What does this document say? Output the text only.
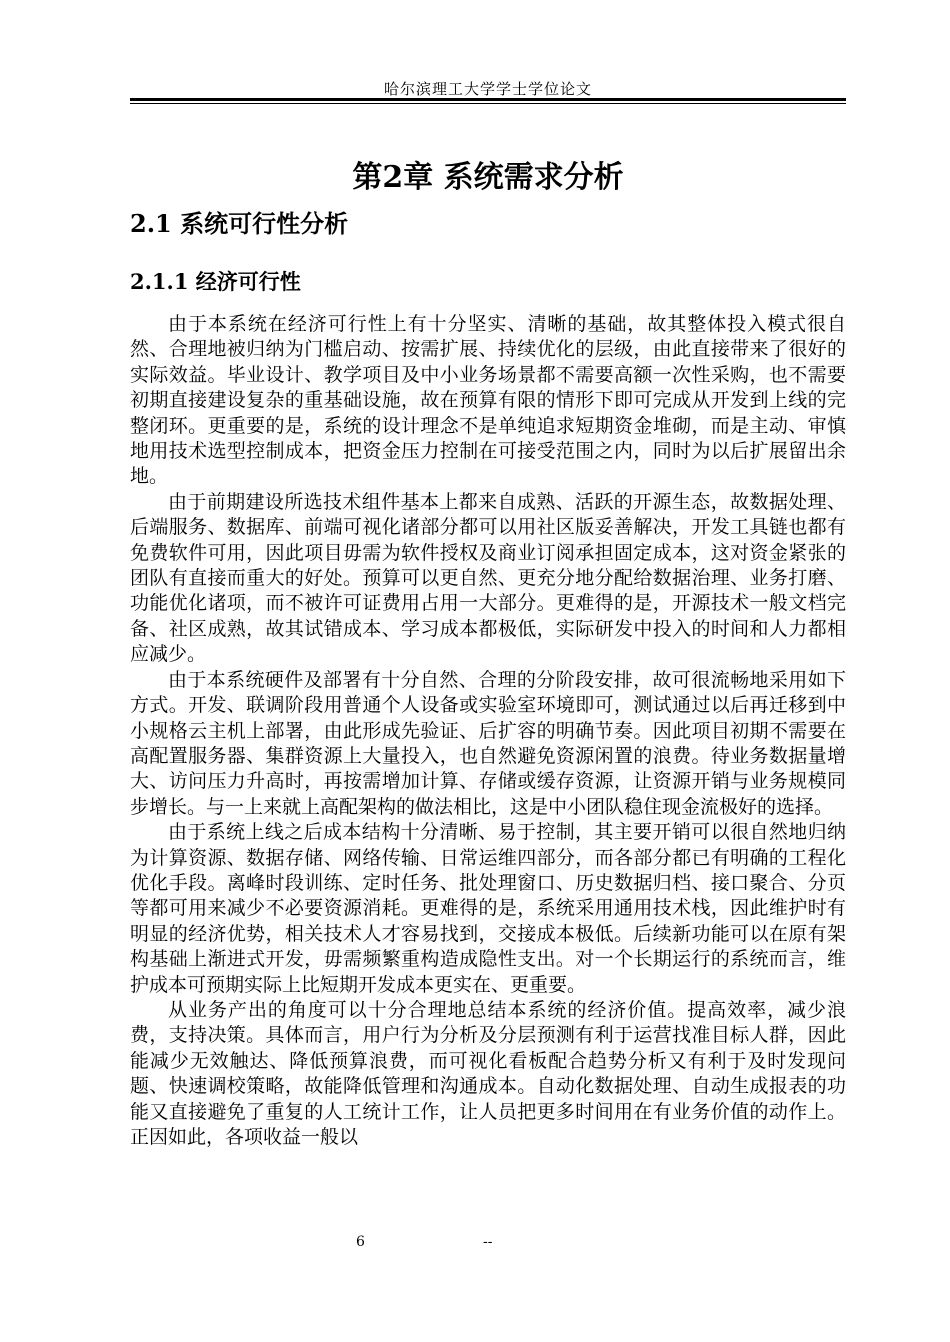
哈尔滨理工大学学士学位论文
第2章 系统需求分析
2.1 系统可行性分析
2.1.1 经济可行性

由于本系统在经济可行性上有十分坚实、清晰的基础，故其整体投入模式很自然、合理地被归纳为门槛启动、按需扩展、持续优化的层级，由此直接带来了很好的实际效益。毕业设计、教学项目及中小业务场景都不需要高额一次性采购，也不需要初期直接建设复杂的重基础设施，故在预算有限的情形下即可完成从开发到上线的完整闭环。更重要的是，系统的设计理念不是单纯追求短期资金堆砌，而是主动、审慎地用技术选型控制成本，把资金压力控制在可接受范围之内，同时为以后扩展留出余地。

由于前期建设所选技术组件基本上都来自成熟、活跃的开源生态，故数据处理、后端服务、数据库、前端可视化诸部分都可以用社区版妥善解决，开发工具链也都有免费软件可用，因此项目毋需为软件授权及商业订阅承担固定成本，这对资金紧张的团队有直接而重大的好处。预算可以更自然、更充分地分配给数据治理、业务打磨、功能优化诸项，而不被许可证费用占用一大部分。更难得的是，开源技术一般文档完备、社区成熟，故其试错成本、学习成本都极低，实际研发中投入的时间和人力都相应减少。

由于本系统硬件及部署有十分自然、合理的分阶段安排，故可很流畅地采用如下方式。开发、联调阶段用普通个人设备或实验室环境即可，测试通过以后再迁移到中小规格云主机上部署，由此形成先验证、后扩容的明确节奏。因此项目初期不需要在高配置服务器、集群资源上大量投入，也自然避免资源闲置的浪费。待业务数据量增大、访问压力升高时，再按需增加计算、存储或缓存资源，让资源开销与业务规模同步增长。与一上来就上高配架构的做法相比，这是中小团队稳住现金流极好的选择。

由于系统上线之后成本结构十分清晰、易于控制，其主要开销可以很自然地归纳为计算资源、数据存储、网络传输、日常运维四部分，而各部分都已有明确的工程化优化手段。离峰时段训练、定时任务、批处理窗口、历史数据归档、接口聚合、分页等都可用来减少不必要资源消耗。更难得的是，系统采用通用技术栈，因此维护时有明显的经济优势，相关技术人才容易找到，交接成本极低。后续新功能可以在原有架构基础上渐进式开发，毋需频繁重构造成隐性支出。对一个长期运行的系统而言，维护成本可预期实际上比短期开发成本更实在、更重要。

从业务产出的角度可以十分合理地总结本系统的经济价值。提高效率，减少浪费，支持决策。具体而言，用户行为分析及分层预测有利于运营找准目标人群，因此能减少无效触达、降低预算浪费，而可视化看板配合趋势分析又有利于及时发现问题、快速调校策略，故能降低管理和沟通成本。自动化数据处理、自动生成报表的功能又直接避免了重复的人工统计工作，让人员把更多时间用在有业务价值的动作上。正因如此，各项收益一般以

6	--
